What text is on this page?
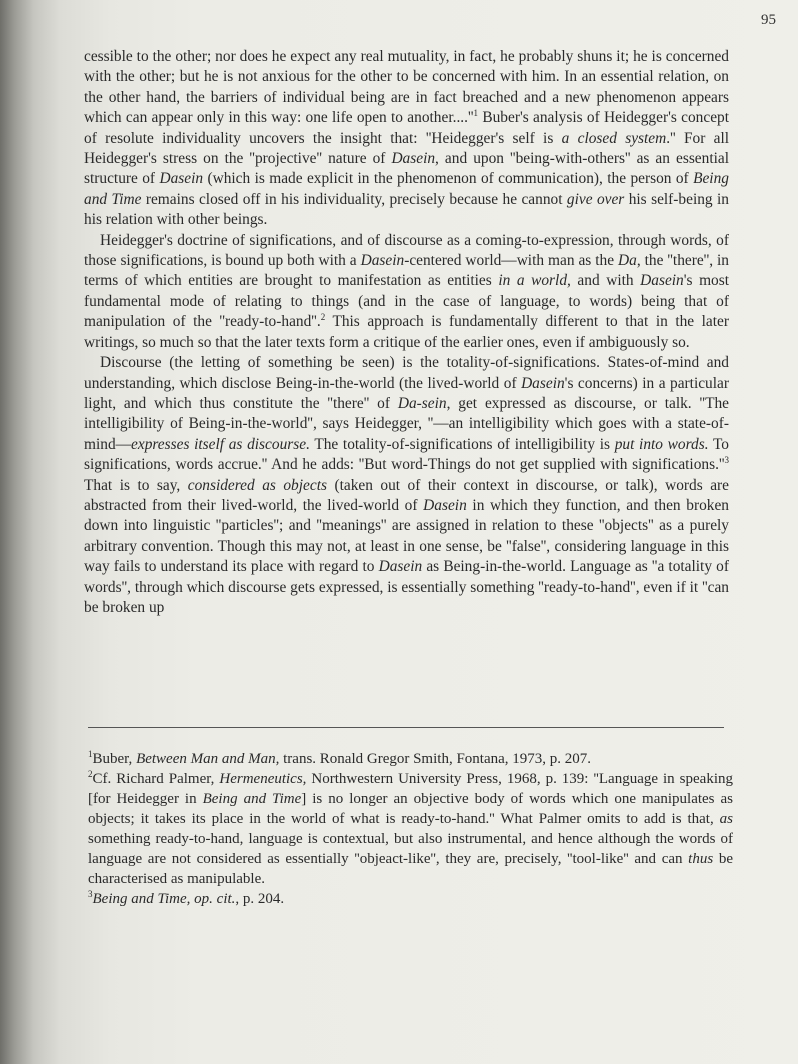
95

cessible to the other; nor does he expect any real mutuality, in fact, he probably shuns it; he is concerned with the other; but he is not anxious for the other to be concerned with him. In an essential relation, on the other hand, the barriers of individual being are in fact breached and a new phenomenon appears which can appear only in this way: one life open to $another....''^1$ Buber's analysis of Heidegger's concept of resolute individuality uncovers the insight that: ''Heidegger's self is a closed system.'' For all Heidegger's stress on the ''projective'' nature of Dasein, and upon ''being-with-others'' as an essential structure of Dasein (which is made explicit in the phenomenon of communication), the person of Being and Time remains closed off in his individuality, precisely because he cannot give over his self-being in his relation with other beings.

Heidegger's doctrine of significations, and of discourse as a coming-to-expression, through words, of those significations, is bound up both with a Dasein-centered world—with man as the Da, the ''there'', in terms of which entities are brought to manifestation as entities in a world, and with Dasein's most fundamental mode of relating to things (and in the case of language, to words) being that of manipulation of the ''ready-to-hand''.$^2$ This approach is fundamentally different to that in the later writings, so much so that the later texts form a critique of the earlier ones, even if ambiguously so.

Discourse (the letting of something be seen) is the totality-of-significations. States-of-mind and understanding, which disclose Being-in-the-world (the lived-world of Dasein's concerns) in a particular light, and which thus constitute the ''there'' of Da-sein, get expressed as discourse, or talk. ''The intelligibility of Being-in-the-world'', says Heidegger, ''—an intelligibility which goes with a state-of-mind—expresses itself as discourse. The totality-of-significations of intelligibility is put into words. To significations, words accrue.'' And he adds: ''But word-Things do not get supplied with $significations.''^3$ That is to say, considered as objects (taken out of their context in discourse, or talk), words are abstracted from their lived-world, the lived-world of Dasein in which they function, and then broken down into linguistic ''particles''; and ''meanings'' are assigned in relation to these ''objects'' as a purely arbitrary convention. Though this may not, at least in one sense, be ''false'', considering language in this way fails to understand its place with regard to Dasein as Being-in-the-world. Language as ''a totality of words'', through which discourse gets expressed, is essentially something ''ready-to-hand'', even if it ''can be broken up

$^1$Buber, Between Man and Man, trans. Ronald Gregor Smith, Fontana, 1973, p. 207.

$^2$Cf. Richard Palmer, Hermeneutics, Northwestern University Press, 1968, p. 139: ''Language in speaking [for Heidegger in Being and Time] is no longer an objective body of words which one manipulates as objects; it takes its place in the world of what is ready-to-hand.'' What Palmer omits to add is that, as something ready-to-hand, language is contextual, but also instrumental, and hence although the words of language are not considered as essentially ''objeact-like'', they are, precisely, ''tool-like'' and can thus be characterised as manipulable.

$^3$Being and Time, op. cit., p. 204.
